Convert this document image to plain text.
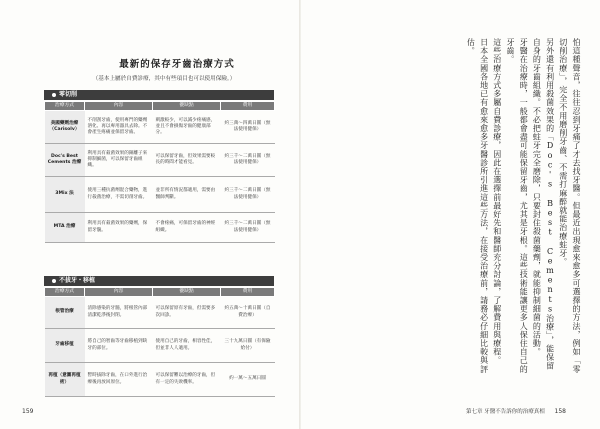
最新的保存牙齒治療方式
（基本上屬於自費診療，其中有些項目也可以使用保險。）
零切削
治療方式	內容	優缺點	費用
美國藥劑治療（Carisolv）	不削刮牙齒，使用專門的藥劑溶化、再以專用器具去除。不會產生疼痛並保留牙齒。	刺激較少，可以減少疼痛感，並且不會損傷牙齒的健康部分。	約三萬～四萬日圓（無法使用健保）
Doc's Best Cements 治療	利用具有殺菌效果的銅離子來抑制細菌，可以保留牙齒組織。	可以保留牙齒，但效果需要較長的時間才能看見。	約三千～二萬日圓（無法使用健保）
3Mix 法	使用三種抗菌劑混合藥物，進行殺菌治療，不需切削牙齒。	並非所有情況都適用，需要由醫師判斷。	約三千～二萬日圓（無法使用健保）
MTA 治療	利用具有殺菌效果的藥劑，保留牙髓。	不會疼痛，可保留牙齒的神經組織。	約三千～二萬日圓（無法使用健保）
不拔牙・移植
治療方式	內容	優缺點	費用
根管治療	清除感染的牙髓，將根管內部清潔乾淨後封閉。	可以保留原有牙齒，但需要多次回診。	約五萬～十萬日圓（自費治療）
牙齒移植	將自己的智齒等牙齒移植到缺牙的部位。	使用自己的牙齒，相容性佳，但並非人人適用。	三十九萬日圓（有保險給付）
再植（意圖再植術）	暫時拔除牙齒，在口外進行治療後再放回原位。	可以保留難以治療的牙齒，但有一定的失敗機率。	約一萬～五萬日圓
159
怕這種聲音，往往忍到牙痛了才去找牙醫。但最近出現愈來愈多可選擇的方法，例如「零切削治療」，完全不用磨削牙齒、不需打麻醉就能治療蛀牙。
另外還有利用殺菌效果的「Doc's Best Cements治療」，能保留自身的牙齒組織。不必把蛀牙完全磨除，只要封住殺菌藥劑，就能抑制細菌的活動。
牙醫在治療時，一般都會盡可能保留牙齒，尤其是牙根。這些技術能讓更多人保住自己的牙齒。
這些治療方式多屬自費診療，因此在選擇前最好先和醫師充分討論，了解費用與療程。
日本全國各地已有愈來愈多牙醫診所引進這些方法，在接受治療前，請務必仔細比較與評估。
第七章 牙醫不告訴你的治療真相 158
